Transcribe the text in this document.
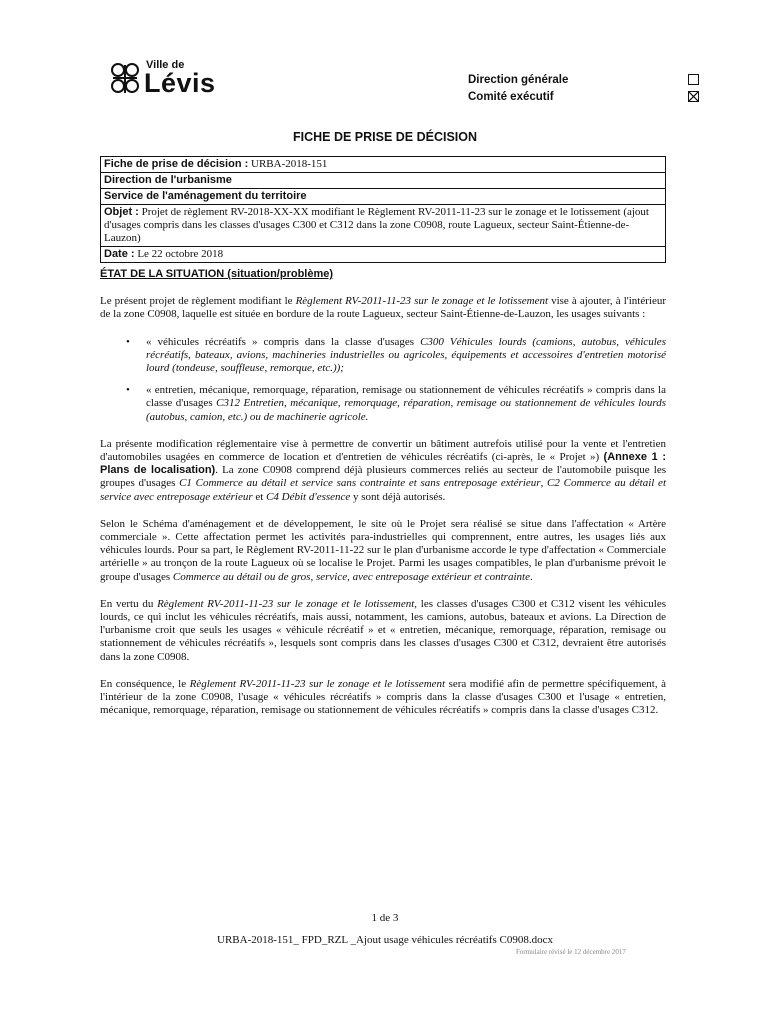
Ville de
Lévis	Direction générale
Comité exécutif
FICHE DE PRISE DE DÉCISION
Fiche de prise de décision : URBA-2018-151
Direction de l'urbanisme
Service de l'aménagement du territoire
Objet : Projet de règlement RV-2018-XX-XX modifiant le Règlement RV-2011-11-23 sur le zonage et le lotissement (ajout d'usages compris dans les classes d'usages C300 et C312 dans la zone C0908, route Lagueux, secteur Saint-Étienne-de-Lauzon)
Date : Le 22 octobre 2018
ÉTAT DE LA SITUATION (situation/problème)

Le présent projet de règlement modifiant le Règlement RV-2011-11-23 sur le zonage et le lotissement vise à ajouter, à l'intérieur de la zone C0908, laquelle est située en bordure de la route Lagueux, secteur Saint-Étienne-de-Lauzon, les usages suivants :

• « véhicules récréatifs » compris dans la classe d'usages C300 Véhicules lourds (camions, autobus, véhicules récréatifs, bateaux, avions, machineries industrielles ou agricoles, équipements et accessoires d'entretien motorisé lourd (tondeuse, souffleuse, remorque, etc.));
• « entretien, mécanique, remorquage, réparation, remisage ou stationnement de véhicules récréatifs » compris dans la classe d'usages C312 Entretien, mécanique, remorquage, réparation, remisage ou stationnement de véhicules lourds (autobus, camion, etc.) ou de machinerie agricole.

La présente modification réglementaire vise à permettre de convertir un bâtiment autrefois utilisé pour la vente et l'entretien d'automobiles usagées en commerce de location et d'entretien de véhicules récréatifs (ci-après, le « Projet ») (Annexe 1 : Plans de localisation). La zone C0908 comprend déjà plusieurs commerces reliés au secteur de l'automobile puisque les groupes d'usages C1 Commerce au détail et service sans contrainte et sans entreposage extérieur, C2 Commerce au détail et service avec entreposage extérieur et C4 Débit d'essence y sont déjà autorisés.

Selon le Schéma d'aménagement et de développement, le site où le Projet sera réalisé se situe dans l'affectation « Artère commerciale ». Cette affectation permet les activités para-industrielles qui comprennent, entre autres, les usages liés aux véhicules lourds. Pour sa part, le Règlement RV-2011-11-22 sur le plan d'urbanisme accorde le type d'affectation « Commerciale artérielle » au tronçon de la route Lagueux où se localise le Projet. Parmi les usages compatibles, le plan d'urbanisme prévoit le groupe d'usages Commerce au détail ou de gros, service, avec entreposage extérieur et contrainte.

En vertu du Règlement RV-2011-11-23 sur le zonage et le lotissement, les classes d'usages C300 et C312 visent les véhicules lourds, ce qui inclut les véhicules récréatifs, mais aussi, notamment, les camions, autobus, bateaux et avions. La Direction de l'urbanisme croit que seuls les usages « véhicule récréatif » et « entretien, mécanique, remorquage, réparation, remisage ou stationnement de véhicules récréatifs », lesquels sont compris dans les classes d'usages C300 et C312, devraient être autorisés dans la zone C0908.

En conséquence, le Règlement RV-2011-11-23 sur le zonage et le lotissement sera modifié afin de permettre spécifiquement, à l'intérieur de la zone C0908, l'usage « véhicules récréatifs » compris dans la classe d'usages C300 et l'usage « entretien, mécanique, remorquage, réparation, remisage ou stationnement de véhicules récréatifs » compris dans la classe d'usages C312.

1 de 3
URBA-2018-151_ FPD_RZL _Ajout usage véhicules récréatifs C0908.docx
Formulaire révisé le 12 décembre 2017
